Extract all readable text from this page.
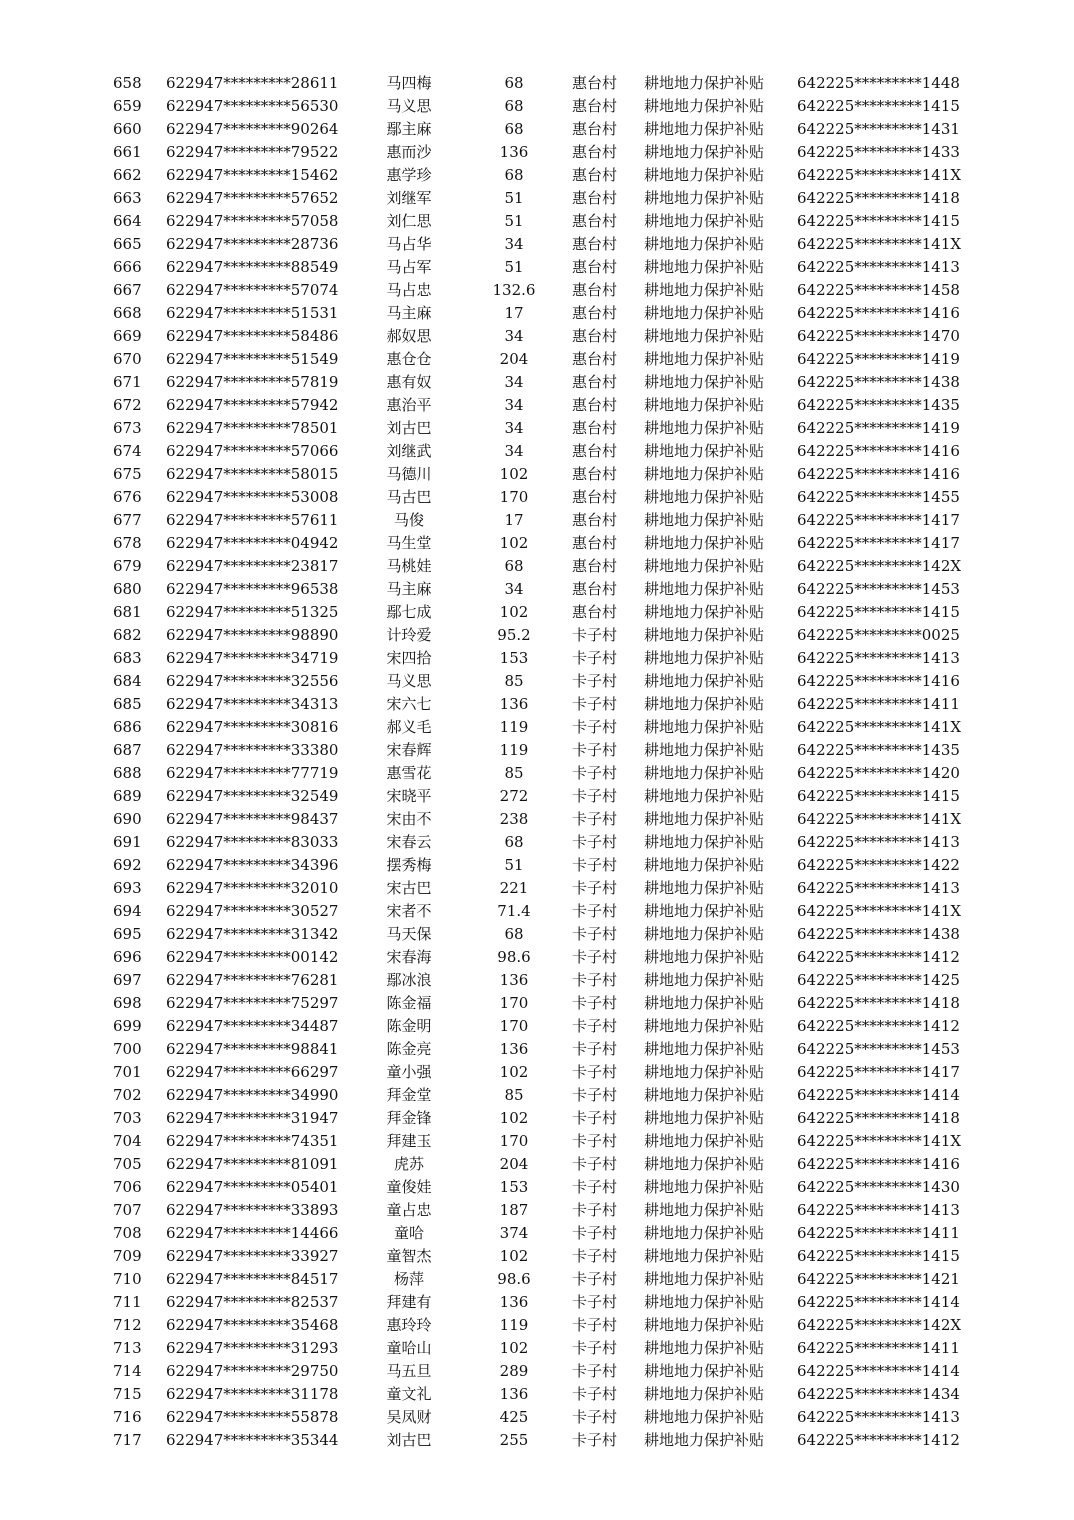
658 622947*********28611	马四梅	68	惠台村 耕地地力保护补贴 642225*********1448
659 622947*********56530	马义思	68	惠台村 耕地地力保护补贴 642225*********1415
660 622947*********90264	鄢主麻	68	惠台村 耕地地力保护补贴 642225*********1431
661 622947*********79522	惠而沙	136	惠台村 耕地地力保护补贴 642225*********1433
662 622947*********15462	惠学珍	68	惠台村 耕地地力保护补贴 642225*********141X
663 622947*********57652	刘继军	51	惠台村 耕地地力保护补贴 642225*********1418
664 622947*********57058	刘仁思	51	惠台村 耕地地力保护补贴 642225*********1415
665 622947*********28736	马占华	34	惠台村 耕地地力保护补贴 642225*********141X
666 622947*********88549	马占军	51	惠台村 耕地地力保护补贴 642225*********1413
667 622947*********57074	马占忠	132.6	惠台村 耕地地力保护补贴 642225*********1458
668 622947*********51531	马主麻	17	惠台村 耕地地力保护补贴 642225*********1416
669 622947*********58486	郝奴思	34	惠台村 耕地地力保护补贴 642225*********1470
670 622947*********51549	惠仓仓	204	惠台村 耕地地力保护补贴 642225*********1419
671 622947*********57819	惠有奴	34	惠台村 耕地地力保护补贴 642225*********1438
672 622947*********57942	惠治平	34	惠台村 耕地地力保护补贴 642225*********1435
673 622947*********78501	刘古巴	34	惠台村 耕地地力保护补贴 642225*********1419
674 622947*********57066	刘继武	34	惠台村 耕地地力保护补贴 642225*********1416
675 622947*********58015	马德川	102	惠台村 耕地地力保护补贴 642225*********1416
676 622947*********53008	马古巴	170	惠台村 耕地地力保护补贴 642225*********1455
677 622947*********57611	马俊	17	惠台村 耕地地力保护补贴 642225*********1417
678 622947*********04942	马生堂	102	惠台村 耕地地力保护补贴 642225*********1417
679 622947*********23817	马桃娃	68	惠台村 耕地地力保护补贴 642225*********142X
680 622947*********96538	马主麻	34	惠台村 耕地地力保护补贴 642225*********1453
681 622947*********51325	鄢七成	102	惠台村 耕地地力保护补贴 642225*********1415
682 622947*********98890	计玲爱	95.2	卡子村 耕地地力保护补贴 642225*********0025
683 622947*********34719	宋四拾	153	卡子村 耕地地力保护补贴 642225*********1413
684 622947*********32556	马义思	85	卡子村 耕地地力保护补贴 642225*********1416
685 622947*********34313	宋六七	136	卡子村 耕地地力保护补贴 642225*********1411
686 622947*********30816	郝义毛	119	卡子村 耕地地力保护补贴 642225*********141X
687 622947*********33380	宋春辉	119	卡子村 耕地地力保护补贴 642225*********1435
688 622947*********77719	惠雪花	85	卡子村 耕地地力保护补贴 642225*********1420
689 622947*********32549	宋晓平	272	卡子村 耕地地力保护补贴 642225*********1415
690 622947*********98437	宋由不	238	卡子村 耕地地力保护补贴 642225*********141X
691 622947*********83033	宋春云	68	卡子村 耕地地力保护补贴 642225*********1413
692 622947*********34396	摆秀梅	51	卡子村 耕地地力保护补贴 642225*********1422
693 622947*********32010	宋古巴	221	卡子村 耕地地力保护补贴 642225*********1413
694 622947*********30527	宋者不	71.4	卡子村 耕地地力保护补贴 642225*********141X
695 622947*********31342	马天保	68	卡子村 耕地地力保护补贴 642225*********1438
696 622947*********00142	宋春海	98.6	卡子村 耕地地力保护补贴 642225*********1412
697 622947*********76281	鄢冰浪	136	卡子村 耕地地力保护补贴 642225*********1425
698 622947*********75297	陈金福	170	卡子村 耕地地力保护补贴 642225*********1418
699 622947*********34487	陈金明	170	卡子村 耕地地力保护补贴 642225*********1412
700 622947*********98841	陈金亮	136	卡子村 耕地地力保护补贴 642225*********1453
701 622947*********66297	童小强	102	卡子村 耕地地力保护补贴 642225*********1417
702 622947*********34990	拜金堂	85	卡子村 耕地地力保护补贴 642225*********1414
703 622947*********31947	拜金锋	102	卡子村 耕地地力保护补贴 642225*********1418
704 622947*********74351	拜建玉	170	卡子村 耕地地力保护补贴 642225*********141X
705 622947*********81091	虎苏	204	卡子村 耕地地力保护补贴 642225*********1416
706 622947*********05401	童俊娃	153	卡子村 耕地地力保护补贴 642225*********1430
707 622947*********33893	童占忠	187	卡子村 耕地地力保护补贴 642225*********1413
708 622947*********14466	童哈	374	卡子村 耕地地力保护补贴 642225*********1411
709 622947*********33927	童智杰	102	卡子村 耕地地力保护补贴 642225*********1415
710 622947*********84517	杨萍	98.6	卡子村 耕地地力保护补贴 642225*********1421
711 622947*********82537	拜建有	136	卡子村 耕地地力保护补贴 642225*********1414
712 622947*********35468	惠玲玲	119	卡子村 耕地地力保护补贴 642225*********142X
713 622947*********31293	童哈山	102	卡子村 耕地地力保护补贴 642225*********1411
714 622947*********29750	马五旦	289	卡子村 耕地地力保护补贴 642225*********1414
715 622947*********31178	童文礼	136	卡子村 耕地地力保护补贴 642225*********1434
716 622947*********55878	吴凤财	425	卡子村 耕地地力保护补贴 642225*********1413
717 622947*********35344	刘古巴	255	卡子村 耕地地力保护补贴 642225*********1412
